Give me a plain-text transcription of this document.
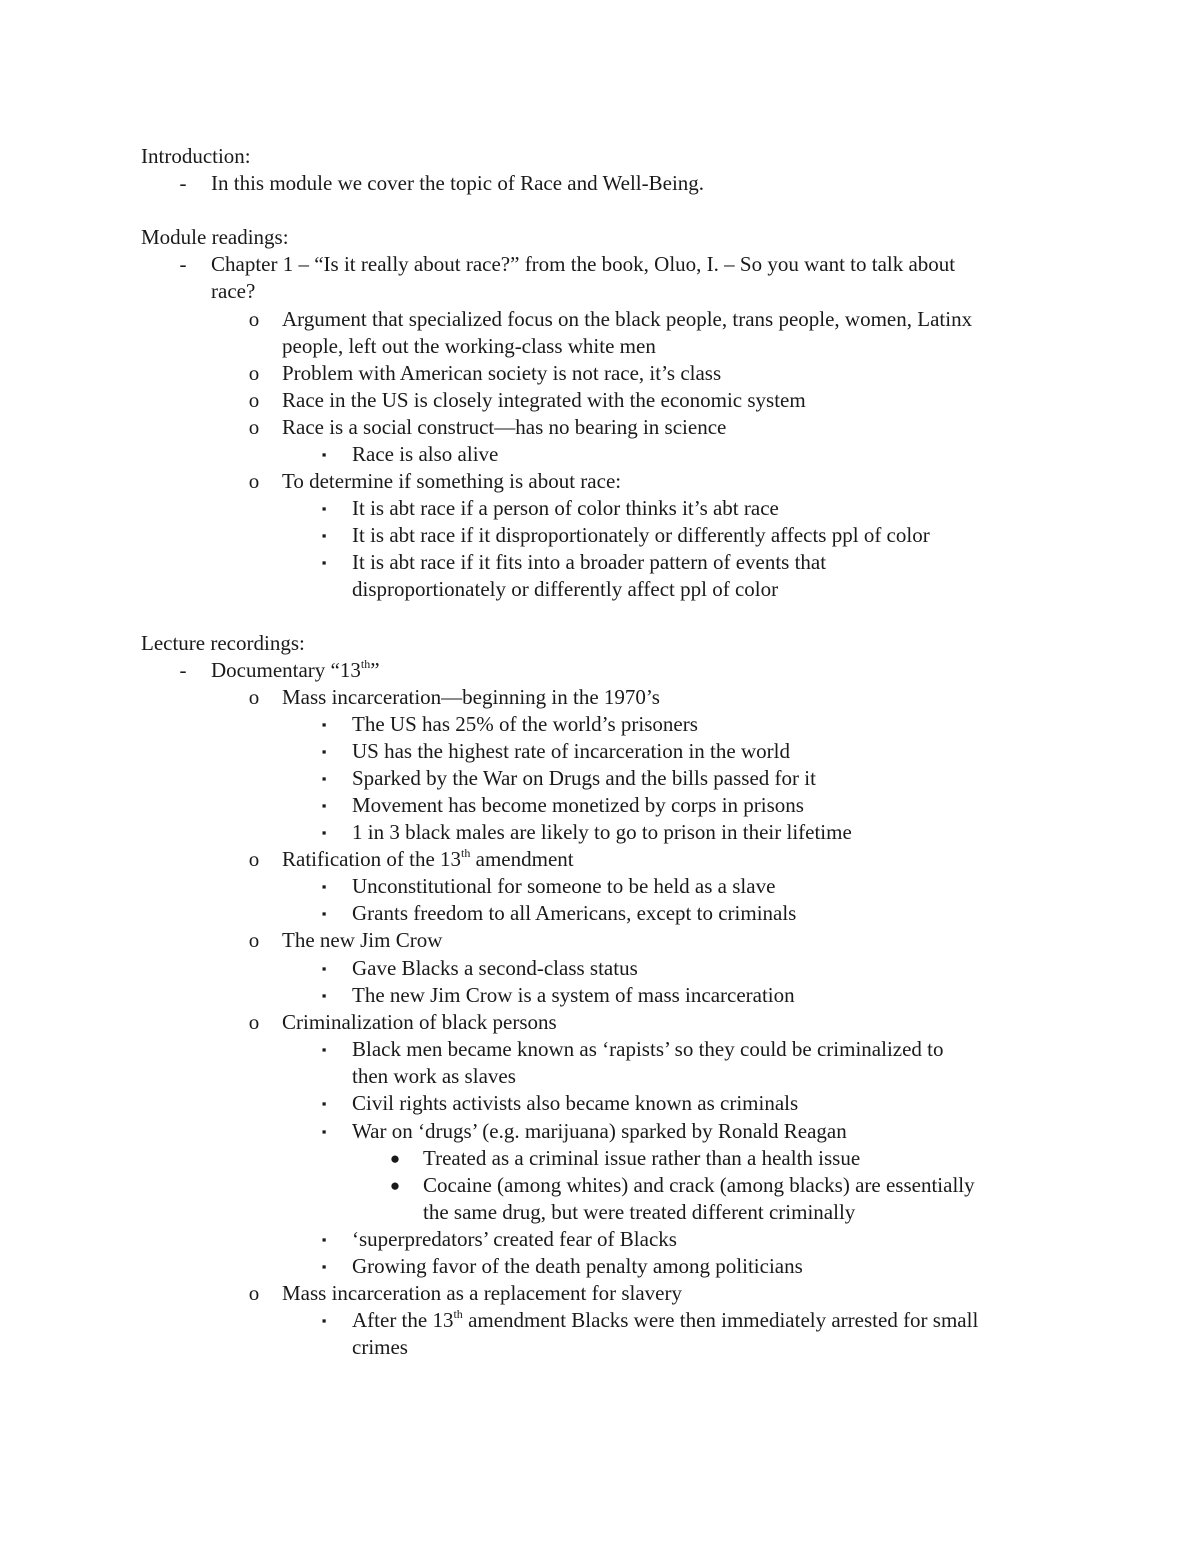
Introduction:
-	In this module we cover the topic of Race and Well-Being.
Module readings:
-	Chapter 1 – “Is it really about race?” from the book, Oluo, I. – So you want to talk about
race?
o	Argument that specialized focus on the black people, trans people, women, Latinx
people, left out the working-class white men
o	Problem with American society is not race, it’s class
o	Race in the US is closely integrated with the economic system
o	Race is a social construct—has no bearing in science
▪	Race is also alive
o	To determine if something is about race:
▪	It is abt race if a person of color thinks it’s abt race
▪	It is abt race if it disproportionately or differently affects ppl of color
▪	It is abt race if it fits into a broader pattern of events that
disproportionately or differently affect ppl of color
Lecture recordings:
-	Documentary “13th”
o	Mass incarceration—beginning in the 1970’s
▪	The US has 25% of the world’s prisoners
▪	US has the highest rate of incarceration in the world
▪	Sparked by the War on Drugs and the bills passed for it
▪	Movement has become monetized by corps in prisons
▪	1 in 3 black males are likely to go to prison in their lifetime
o	Ratification of the 13th amendment
▪	Unconstitutional for someone to be held as a slave
▪	Grants freedom to all Americans, except to criminals
o	The new Jim Crow
▪	Gave Blacks a second-class status
▪	The new Jim Crow is a system of mass incarceration
o	Criminalization of black persons
▪	Black men became known as ‘rapists’ so they could be criminalized to
then work as slaves
▪	Civil rights activists also became known as criminals
▪	War on ‘drugs’ (e.g. marijuana) sparked by Ronald Reagan
●	Treated as a criminal issue rather than a health issue
●	Cocaine (among whites) and crack (among blacks) are essentially
the same drug, but were treated different criminally
▪	‘superpredators’ created fear of Blacks
▪	Growing favor of the death penalty among politicians
o	Mass incarceration as a replacement for slavery
▪	After the 13th amendment Blacks were then immediately arrested for small
crimes
